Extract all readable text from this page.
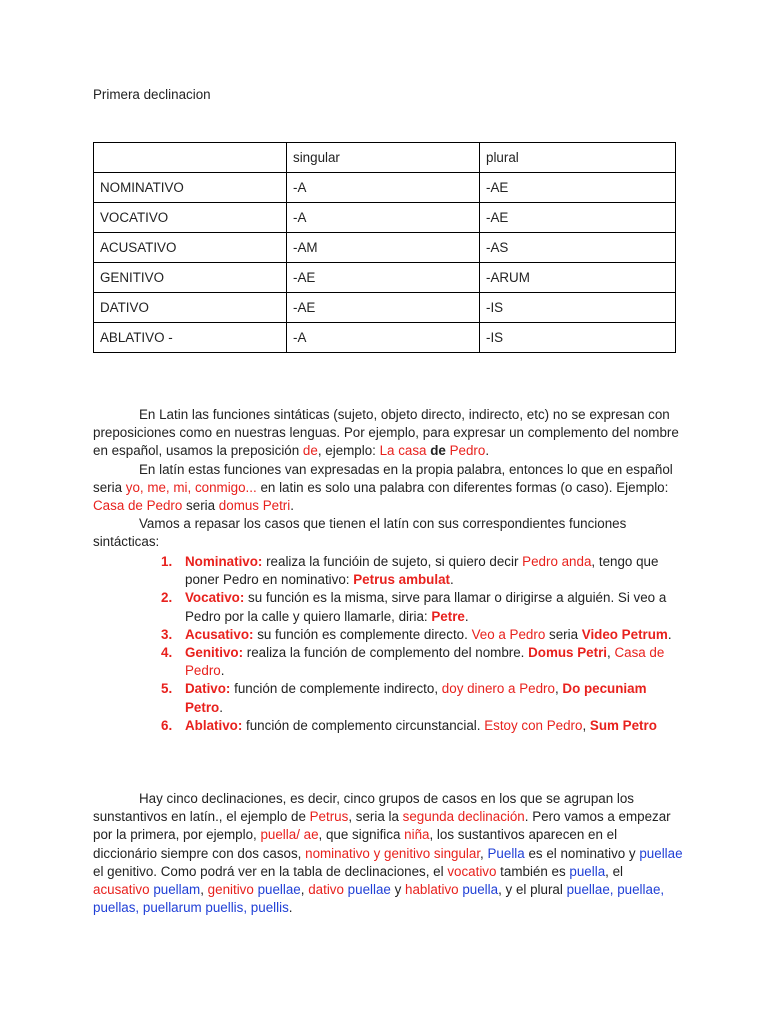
Primera declinacion
	singular	plural
NOMINATIVO	-A	-AE
VOCATIVO	-A	-AE
ACUSATIVO	-AM	-AS
GENITIVO	-AE	-ARUM
DATIVO	-AE	-IS
ABLATIVO -	-A	-IS

En Latin las funciones sintáticas (sujeto, objeto directo, indirecto, etc) no se expresan con preposiciones como en nuestras lenguas. Por ejemplo, para expresar un complemento del nombre en español, usamos la preposición de, ejemplo: La casa de Pedro.

En latín estas funciones van expresadas en la propia palabra, entonces lo que en español seria yo, me, mi, conmigo... en latin es solo una palabra con diferentes formas (o caso). Ejemplo: Casa de Pedro seria domus Petri.

Vamos a repasar los casos que tienen el latín con sus correspondientes funciones sintácticas:

1. Nominativo: realiza la funcióin de sujeto, si quiero decir Pedro anda, tengo que poner Pedro en nominativo: Petrus ambulat.
2. Vocativo: su función es la misma, sirve para llamar o dirigirse a alguién. Si veo a Pedro por la calle y quiero llamarle, diria: Petre.
3. Acusativo: su función es complemente directo. Veo a Pedro seria Video Petrum.
4. Genitivo: realiza la función de complemento del nombre. Domus Petri, Casa de Pedro.
5. Dativo: función de complemente indirecto, doy dinero a Pedro, Do pecuniam Petro.
6. Ablativo: función de complemento circunstancial. Estoy con Pedro, Sum Petro

Hay cinco declinaciones, es decir, cinco grupos de casos en los que se agrupan los sunstantivos en latín., el ejemplo de Petrus, seria la segunda declinación. Pero vamos a empezar por la primera, por ejemplo, puella/ ae, que significa niña, los sustantivos aparecen en el diccionário siempre con dos casos, nominativo y genitivo singular, Puella es el nominativo y puellae el genitivo. Como podrá ver en la tabla de declinaciones, el vocativo también es puella, el acusativo puellam, genitivo puellae, dativo puellae y hablativo puella, y el plural puellae, puellae, puellas, puellarum puellis, puellis.
